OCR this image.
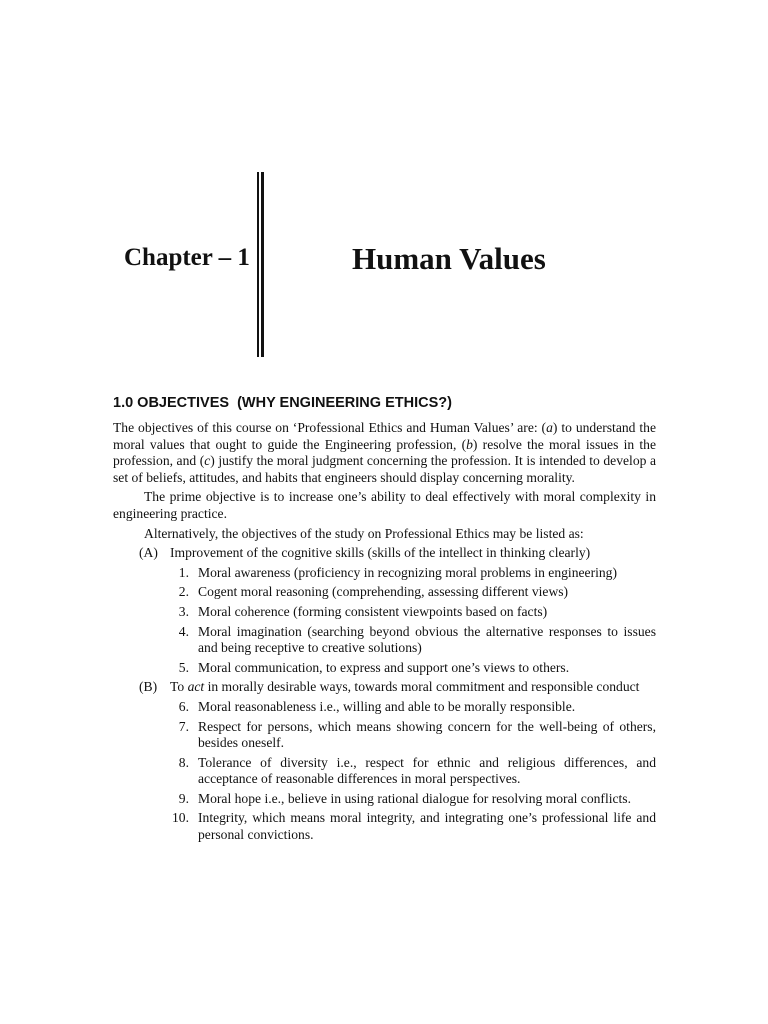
Chapter – 1	Human Values
1.0 OBJECTIVES  (WHY ENGINEERING ETHICS?)

The objectives of this course on ‘Professional Ethics and Human Values’ are: (a) to understand the moral values that ought to guide the Engineering profession, (b) resolve the moral issues in the profession, and (c) justify the moral judgment concerning the profession. It is intended to develop a set of beliefs, attitudes, and habits that engineers should display concerning morality.

The prime objective is to increase one’s ability to deal effectively with moral complexity in engineering practice.

Alternatively, the objectives of the study on Professional Ethics may be listed as:

(A) Improvement of the cognitive skills (skills of the intellect in thinking clearly)
1. Moral awareness (proficiency in recognizing moral problems in engineering)
2. Cogent moral reasoning (comprehending, assessing different views)
3. Moral coherence (forming consistent viewpoints based on facts)
4. Moral imagination (searching beyond obvious the alternative responses to issues and being receptive to creative solutions)
5. Moral communication, to express and support one’s views to others.
(B) To act in morally desirable ways, towards moral commitment and responsible conduct
6. Moral reasonableness i.e., willing and able to be morally responsible.
7. Respect for persons, which means showing concern for the well-being of others, besides oneself.
8. Tolerance of diversity i.e., respect for ethnic and religious differences, and acceptance of reasonable differences in moral perspectives.
9. Moral hope i.e., believe in using rational dialogue for resolving moral conflicts.
10. Integrity, which means moral integrity, and integrating one’s professional life and personal convictions.
